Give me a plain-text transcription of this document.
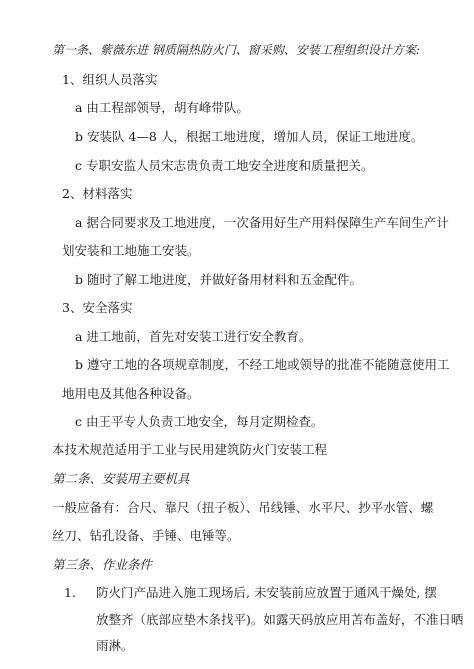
第一条、紫薇东进 钢质隔热防火门、窗采购、安装工程组织设计方案:
1、组织人员落实
a 由工程部领导，胡有峰带队。
b 安装队 4—8 人，根据工地进度，增加人员，保证工地进度。
c 专职安监人员宋志贵负责工地安全进度和质量把关。
2、材料落实
a 据合同要求及工地进度，一次备用好生产用料保障生产车间生产计
划安装和工地施工安装。
b 随时了解工地进度，并做好备用材料和五金配件。
3、安全落实
a 进工地前，首先对安装工进行安全教育。
b 遵守工地的各项规章制度，不经工地或领导的批准不能随意使用工
地用电及其他各种设备。
c 由王平专人负责工地安全，每月定期检查。
本技术规范适用于工业与民用建筑防火门安装工程
第二条、安装用主要机具
一般应备有：合尺、靠尺（扭子板）、吊线锤、水平尺、抄平水管、螺
丝刀、钻孔设备、手锤、电锤等。
第三条、作业条件
1. 防火门产品进入施工现场后, 未安装前应放置于通风干燥处, 摆
放整齐（底部应垫木条找平)。如露天码放应用苫布盖好，不准日晒
雨淋。
